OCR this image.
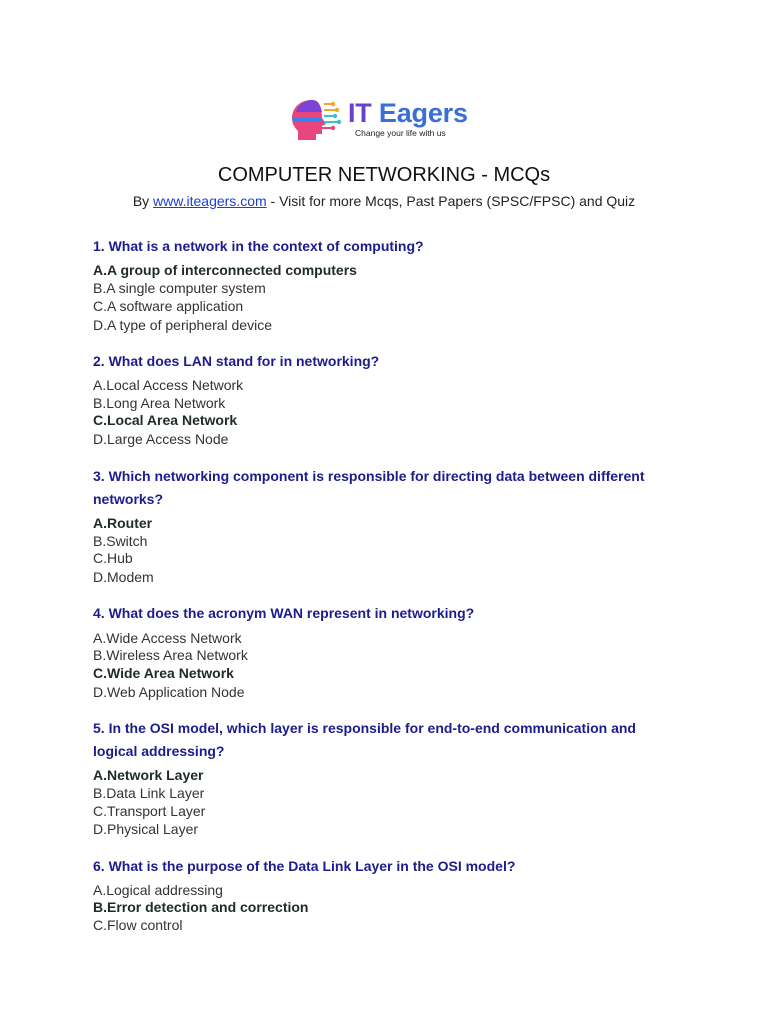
IT Eagers
Change your life with us
COMPUTER NETWORKING - MCQs
By www.iteagers.com - Visit for more Mcqs, Past Papers (SPSC/FPSC) and Quiz
1. What is a network in the context of computing?
A.A group of interconnected computers
B.A single computer system
C.A software application
D.A type of peripheral device
2. What does LAN stand for in networking?
A.Local Access Network
B.Long Area Network
C.Local Area Network
D.Large Access Node
3. Which networking component is responsible for directing data between different networks?
A.Router
B.Switch
C.Hub
D.Modem
4. What does the acronym WAN represent in networking?
A.Wide Access Network
B.Wireless Area Network
C.Wide Area Network
D.Web Application Node
5. In the OSI model, which layer is responsible for end-to-end communication and logical addressing?
A.Network Layer
B.Data Link Layer
C.Transport Layer
D.Physical Layer
6. What is the purpose of the Data Link Layer in the OSI model?
A.Logical addressing
B.Error detection and correction
C.Flow control
